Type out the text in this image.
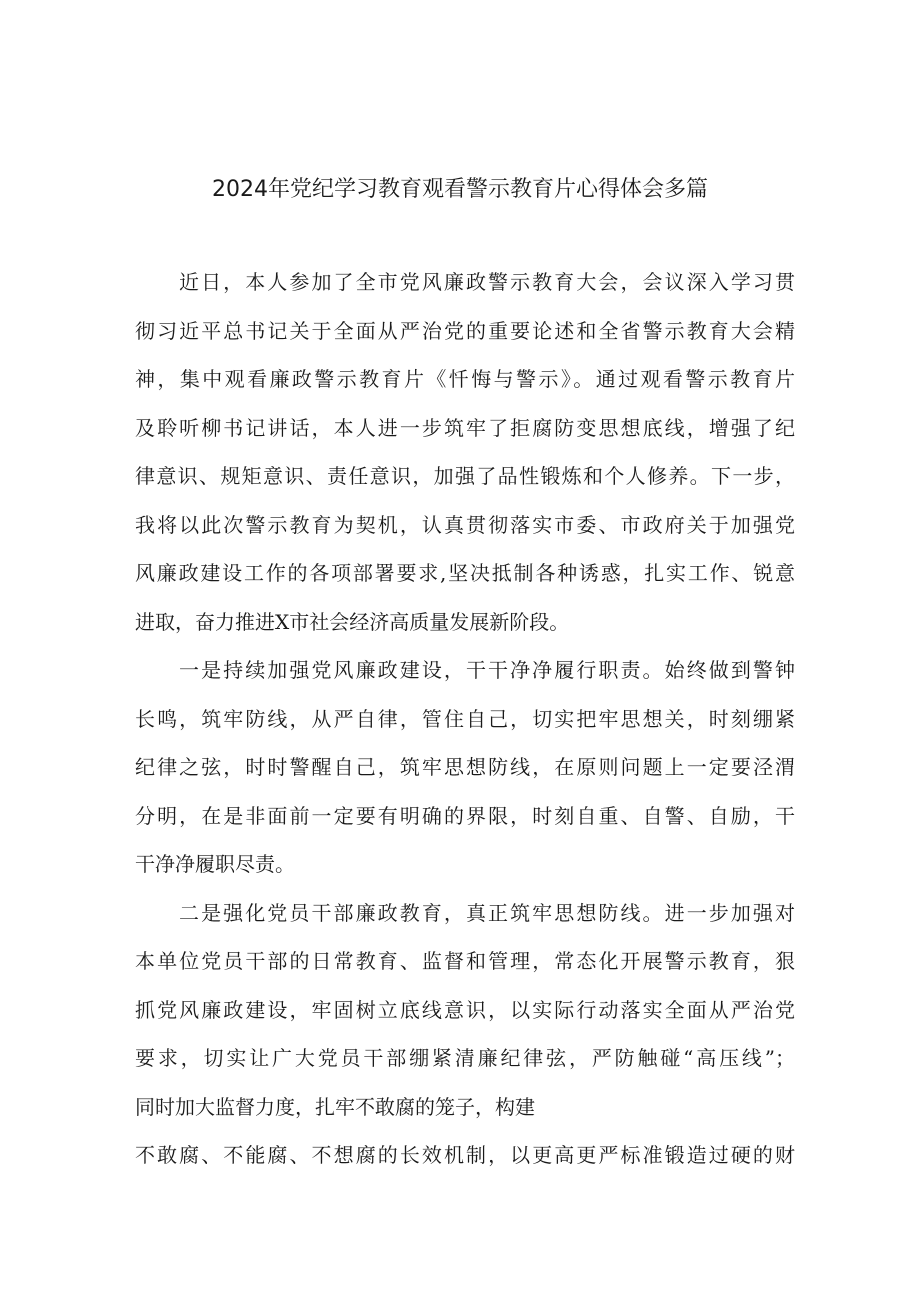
2024年党纪学习教育观看警示教育片心得体会多篇
近日，本人参加了全市党风廉政警示教育大会，会议深入学习贯
彻习近平总书记关于全面从严治党的重要论述和全省警示教育大会精
神，集中观看廉政警示教育片《忏悔与警示》。通过观看警示教育片
及聆听柳书记讲话，本人进一步筑牢了拒腐防变思想底线，增强了纪
律意识、规矩意识、责任意识，加强了品性锻炼和个人修养。下一步，
我将以此次警示教育为契机，认真贯彻落实市委、市政府关于加强党
风廉政建设工作的各项部署要求,坚决抵制各种诱惑，扎实工作、锐意
进取，奋力推进X市社会经济高质量发展新阶段。
一是持续加强党风廉政建设，干干净净履行职责。始终做到警钟
长鸣，筑牢防线，从严自律，管住自己，切实把牢思想关，时刻绷紧
纪律之弦，时时警醒自己，筑牢思想防线，在原则问题上一定要泾渭
分明，在是非面前一定要有明确的界限，时刻自重、自警、自励，干
干净净履职尽责。
二是强化党员干部廉政教育，真正筑牢思想防线。进一步加强对
本单位党员干部的日常教育、监督和管理，常态化开展警示教育，狠
抓党风廉政建设，牢固树立底线意识，以实际行动落实全面从严治党
要求，切实让广大党员干部绷紧清廉纪律弦，严防触碰“高压线”；
同时加大监督力度，扎牢不敢腐的笼子，构建
不敢腐、不能腐、不想腐的长效机制，以更高更严标准锻造过硬的财
